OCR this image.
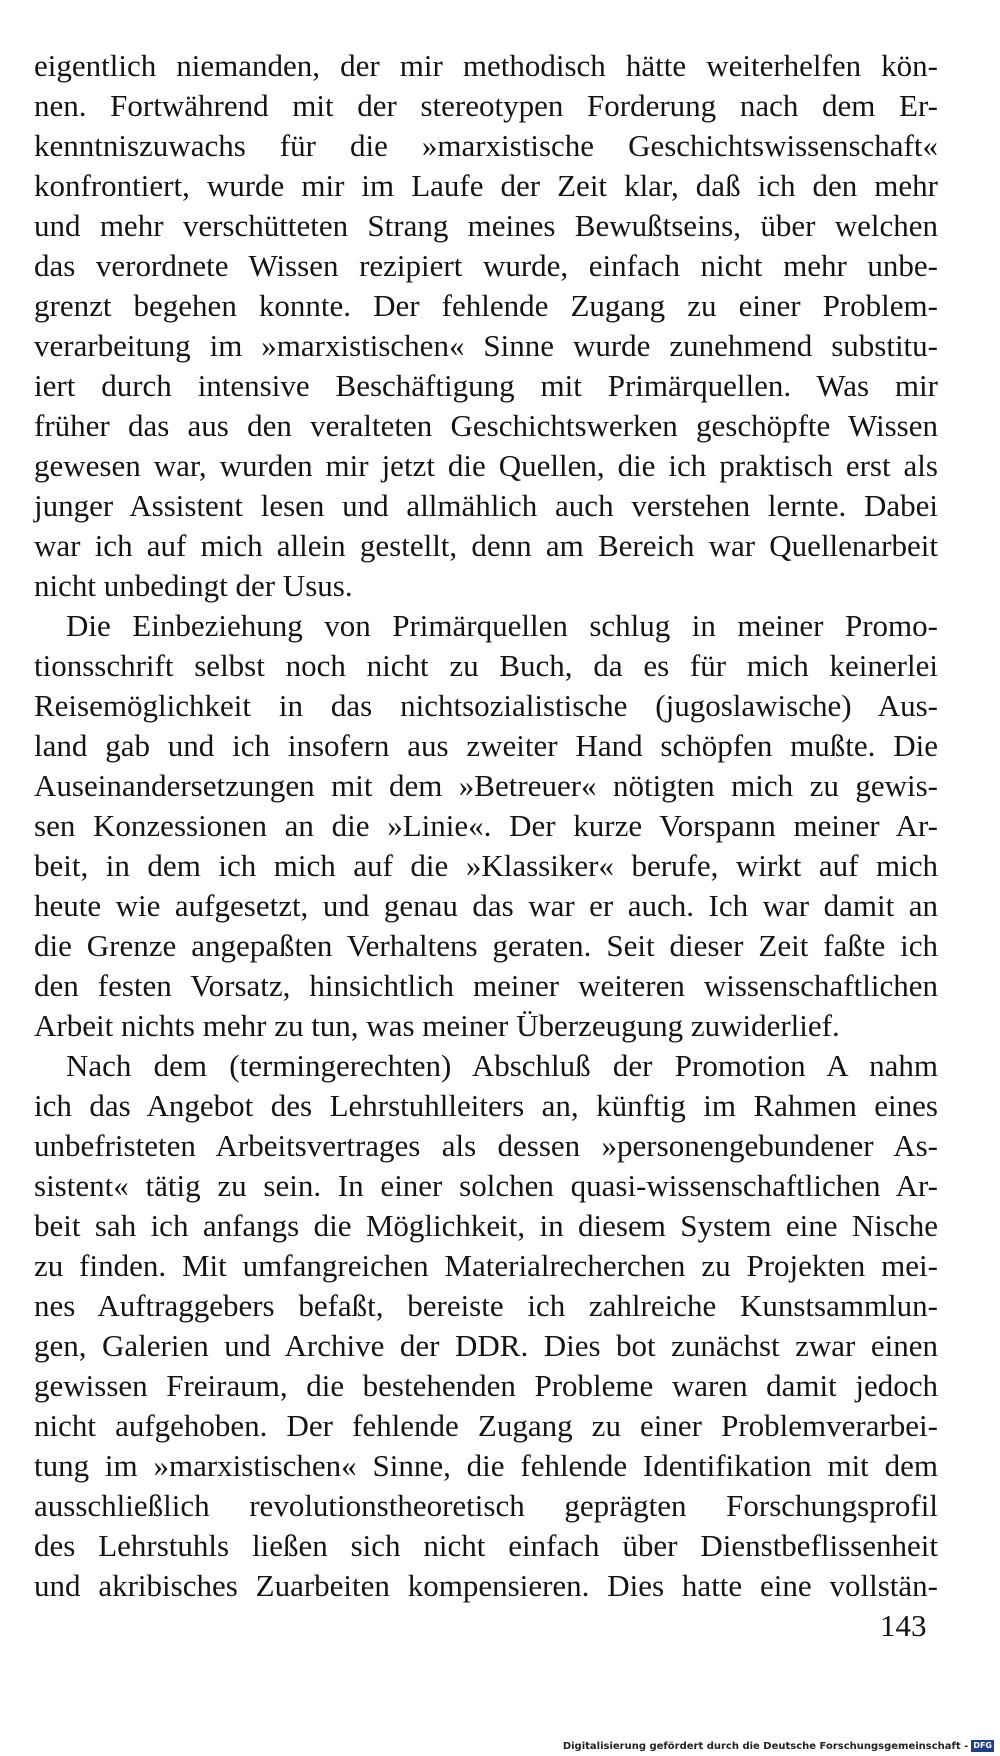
eigentlich niemanden, der mir methodisch hätte weiterhelfen kön-
nen. Fortwährend mit der stereotypen Forderung nach dem Er-
kenntniszuwachs für die »marxistische Geschichtswissenschaft«
konfrontiert, wurde mir im Laufe der Zeit klar, daß ich den mehr
und mehr verschütteten Strang meines Bewußtseins, über welchen
das verordnete Wissen rezipiert wurde, einfach nicht mehr unbe-
grenzt begehen konnte. Der fehlende Zugang zu einer Problem-
verarbeitung im »marxistischen« Sinne wurde zunehmend substitu-
iert durch intensive Beschäftigung mit Primärquellen. Was mir
früher das aus den veralteten Geschichtswerken geschöpfte Wissen
gewesen war, wurden mir jetzt die Quellen, die ich praktisch erst als
junger Assistent lesen und allmählich auch verstehen lernte. Dabei
war ich auf mich allein gestellt, denn am Bereich war Quellenarbeit
nicht unbedingt der Usus.
Die Einbeziehung von Primärquellen schlug in meiner Promo-
tionsschrift selbst noch nicht zu Buch, da es für mich keinerlei
Reisemöglichkeit in das nichtsozialistische (jugoslawische) Aus-
land gab und ich insofern aus zweiter Hand schöpfen mußte. Die
Auseinandersetzungen mit dem »Betreuer« nötigten mich zu gewis-
sen Konzessionen an die »Linie«. Der kurze Vorspann meiner Ar-
beit, in dem ich mich auf die »Klassiker« berufe, wirkt auf mich
heute wie aufgesetzt, und genau das war er auch. Ich war damit an
die Grenze angepaßten Verhaltens geraten. Seit dieser Zeit faßte ich
den festen Vorsatz, hinsichtlich meiner weiteren wissenschaftlichen
Arbeit nichts mehr zu tun, was meiner Überzeugung zuwiderlief.
Nach dem (termingerechten) Abschluß der Promotion A nahm
ich das Angebot des Lehrstuhlleiters an, künftig im Rahmen eines
unbefristeten Arbeitsvertrages als dessen »personengebundener As-
sistent« tätig zu sein. In einer solchen quasi-wissenschaftlichen Ar-
beit sah ich anfangs die Möglichkeit, in diesem System eine Nische
zu finden. Mit umfangreichen Materialrecherchen zu Projekten mei-
nes Auftraggebers befaßt, bereiste ich zahlreiche Kunstsammlun-
gen, Galerien und Archive der DDR. Dies bot zunächst zwar einen
gewissen Freiraum, die bestehenden Probleme waren damit jedoch
nicht aufgehoben. Der fehlende Zugang zu einer Problemverarbei-
tung im »marxistischen« Sinne, die fehlende Identifikation mit dem
ausschließlich revolutionstheoretisch geprägten Forschungsprofil
des Lehrstuhls ließen sich nicht einfach über Dienstbeflissenheit
und akribisches Zuarbeiten kompensieren. Dies hatte eine vollstän-
143
Digitalisierung gefördert durch die Deutsche Forschungsgemeinschaft - DFG
